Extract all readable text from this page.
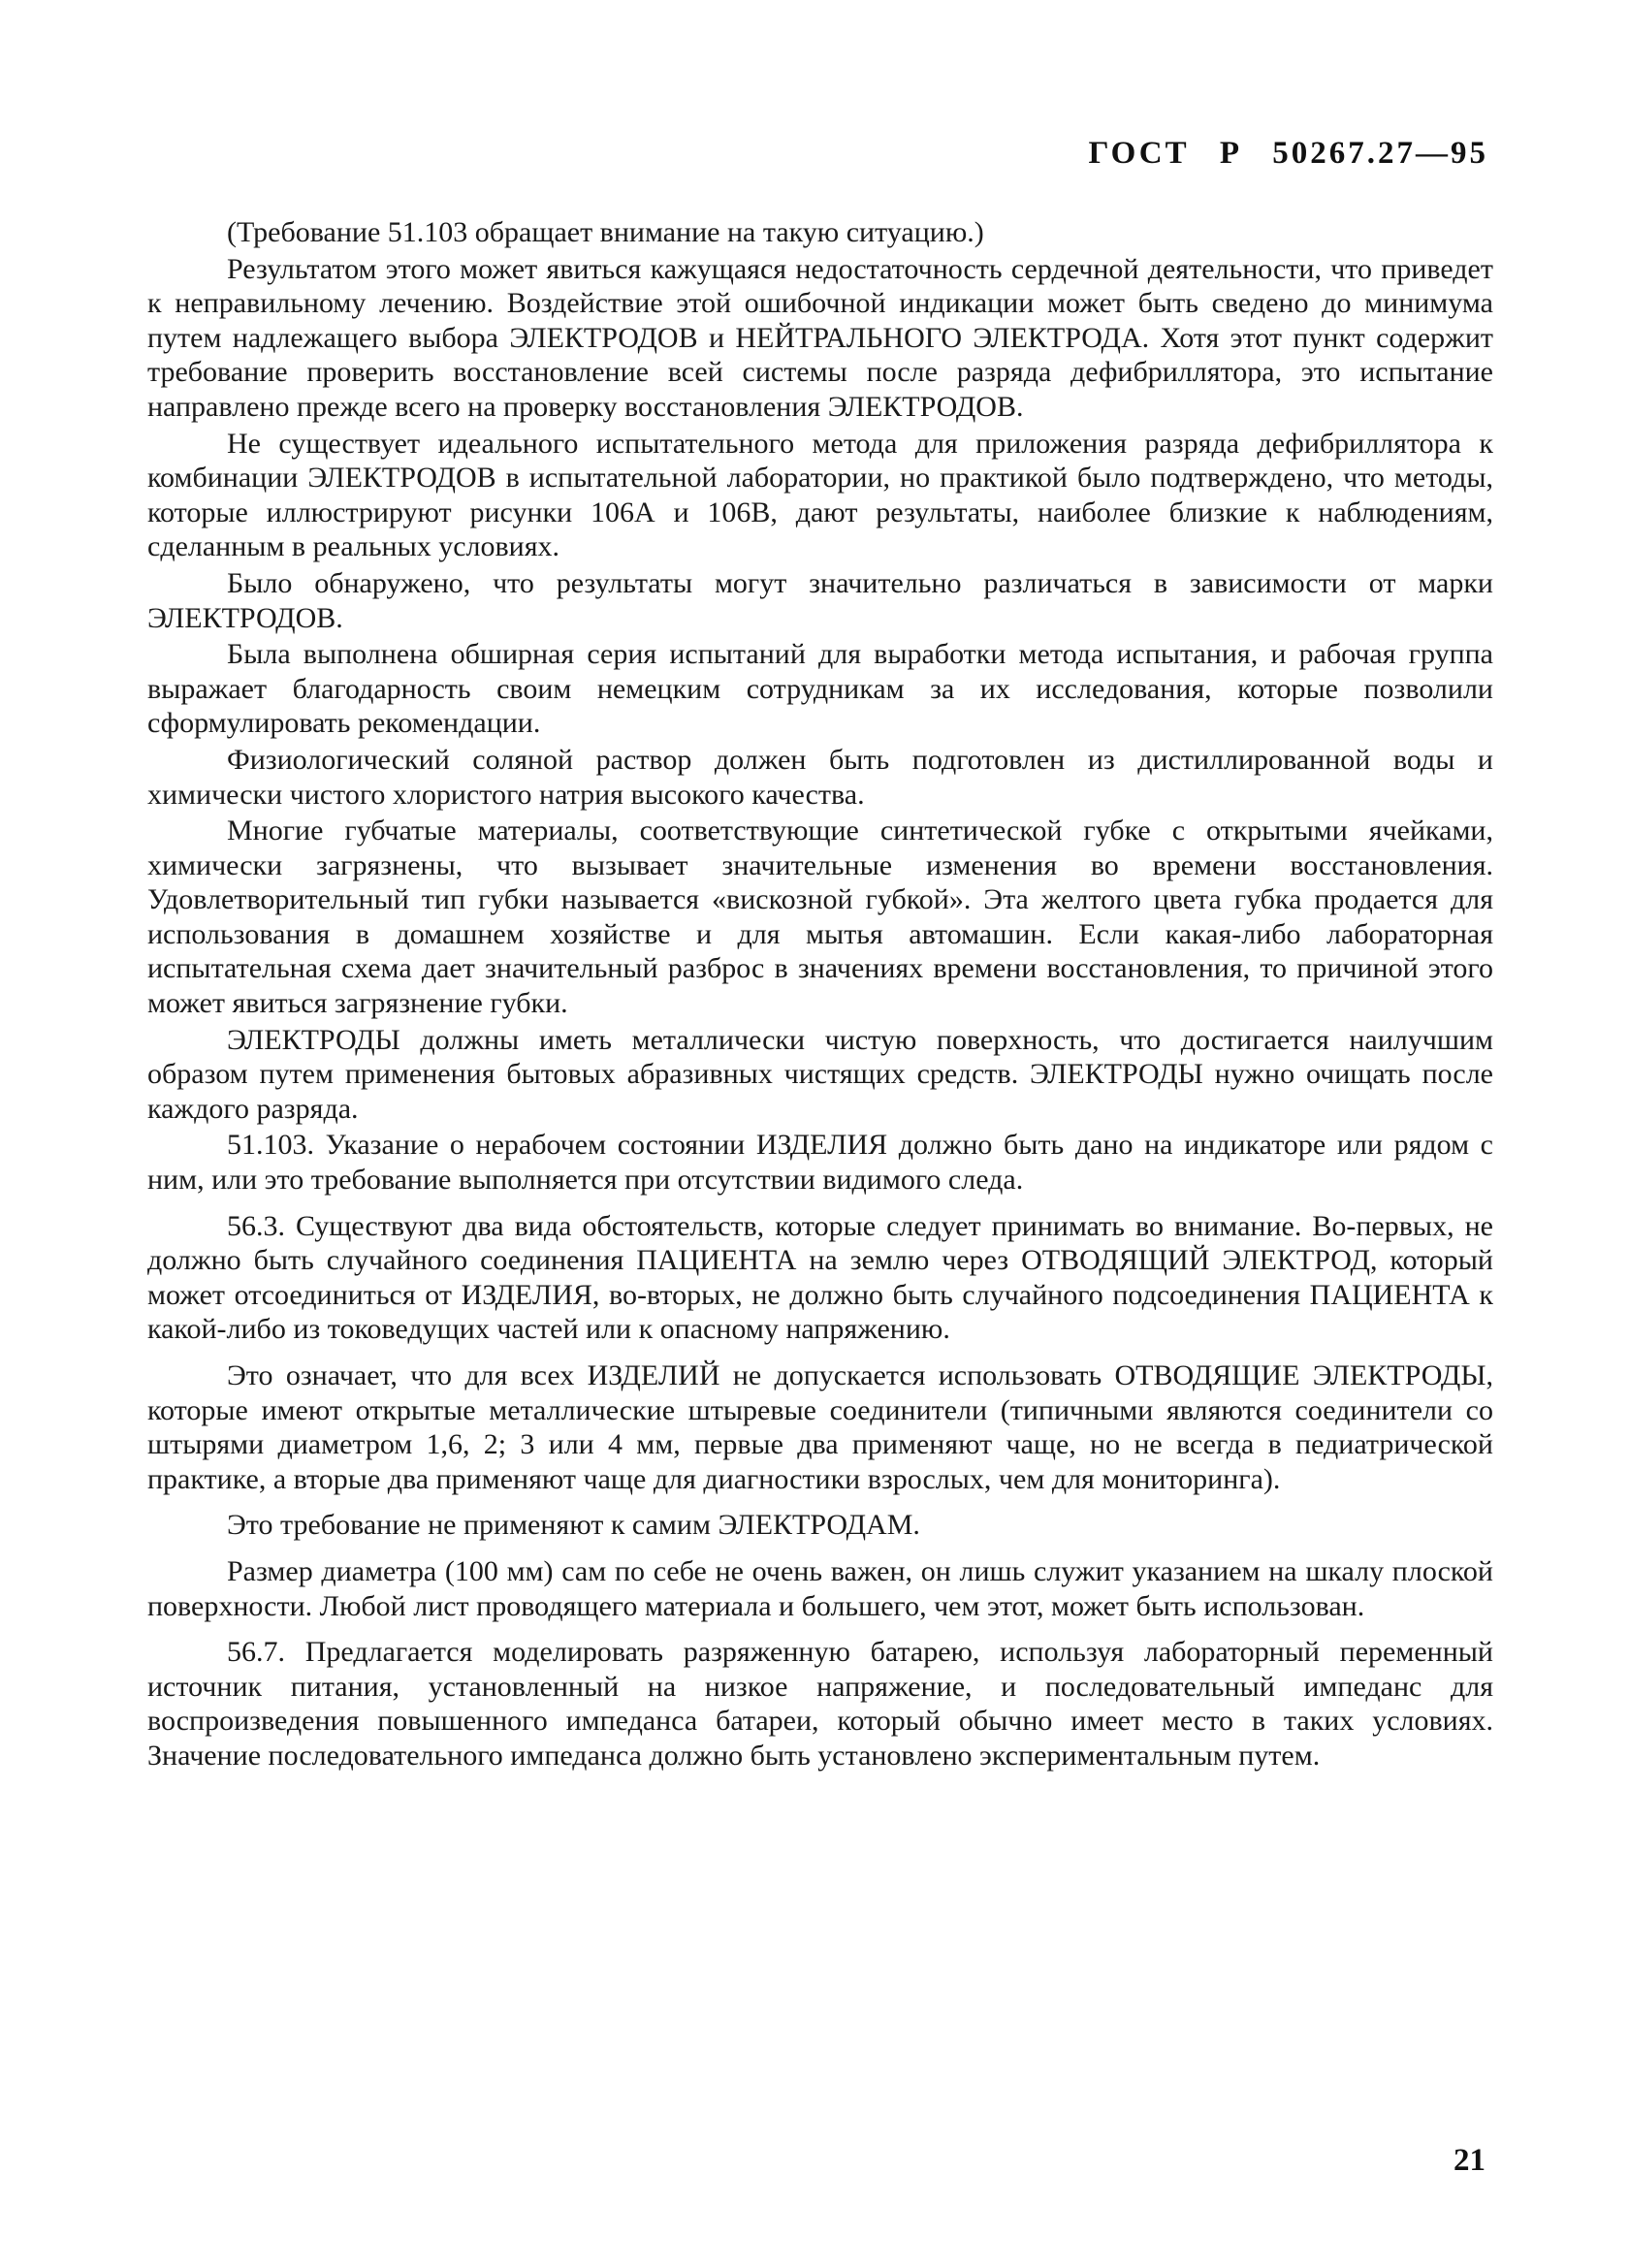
ГОСТ Р 50267.27—95

(Требование 51.103 обращает внимание на такую ситуацию.)

Результатом этого может явиться кажущаяся недостаточность сердечной деятельности, что приведет к неправильному лечению. Воздействие этой ошибочной индикации может быть сведено до минимума путем надлежащего выбора ЭЛЕКТРОДОВ и НЕЙТРАЛЬНОГО ЭЛЕКТРОДА. Хотя этот пункт содержит требование проверить восстановление всей системы после разряда дефибриллятора, это испытание направлено прежде всего на проверку восстановления ЭЛЕКТРОДОВ.

Не существует идеального испытательного метода для приложения разряда дефибриллятора к комбинации ЭЛЕКТРОДОВ в испытательной лаборатории, но практикой было подтверждено, что методы, которые иллюстрируют рисунки 106А и 106В, дают результаты, наиболее близкие к наблюдениям, сделанным в реальных условиях.

Было обнаружено, что результаты могут значительно различаться в зависимости от марки ЭЛЕКТРОДОВ.

Была выполнена обширная серия испытаний для выработки метода испытания, и рабочая группа выражает благодарность своим немецким сотрудникам за их исследования, которые позволили сформулировать рекомендации.

Физиологический соляной раствор должен быть подготовлен из дистиллированной воды и химически чистого хлористого натрия высокого качества.

Многие губчатые материалы, соответствующие синтетической губке с открытыми ячейками, химически загрязнены, что вызывает значительные изменения во времени восстановления. Удовлетворительный тип губки называется «вискозной губкой». Эта желтого цвета губка продается для использования в домашнем хозяйстве и для мытья автомашин. Если какая-либо лабораторная испытательная схема дает значительный разброс в значениях времени восстановления, то причиной этого может явиться загрязнение губки.

ЭЛЕКТРОДЫ должны иметь металлически чистую поверхность, что достигается наилучшим образом путем применения бытовых абразивных чистящих средств. ЭЛЕКТРОДЫ нужно очищать после каждого разряда.

51.103. Указание о нерабочем состоянии ИЗДЕЛИЯ должно быть дано на индикаторе или рядом с ним, или это требование выполняется при отсутствии видимого следа.

56.3. Существуют два вида обстоятельств, которые следует принимать во внимание. Во-первых, не должно быть случайного соединения ПАЦИЕНТА на землю через ОТВОДЯЩИЙ ЭЛЕКТРОД, который может отсоединиться от ИЗДЕЛИЯ, во-вторых, не должно быть случайного подсоединения ПАЦИЕНТА к какой-либо из токоведущих частей или к опасному напряжению.

Это означает, что для всех ИЗДЕЛИЙ не допускается использовать ОТВОДЯЩИЕ ЭЛЕКТРОДЫ, которые имеют открытые металлические штыревые соединители (типичными являются соединители со штырями диаметром 1,6, 2; 3 или 4 мм, первые два применяют чаще, но не всегда в педиатрической практике, а вторые два применяют чаще для диагностики взрослых, чем для мониторинга).

Это требование не применяют к самим ЭЛЕКТРОДАМ.

Размер диаметра (100 мм) сам по себе не очень важен, он лишь служит указанием на шкалу плоской поверхности. Любой лист проводящего материала и большего, чем этот, может быть использован.

56.7. Предлагается моделировать разряженную батарею, используя лабораторный переменный источник питания, установленный на низкое напряжение, и последовательный импеданс для воспроизведения повышенного импеданса батареи, который обычно имеет место в таких условиях. Значение последовательного импеданса должно быть установлено экспериментальным путем.

21
